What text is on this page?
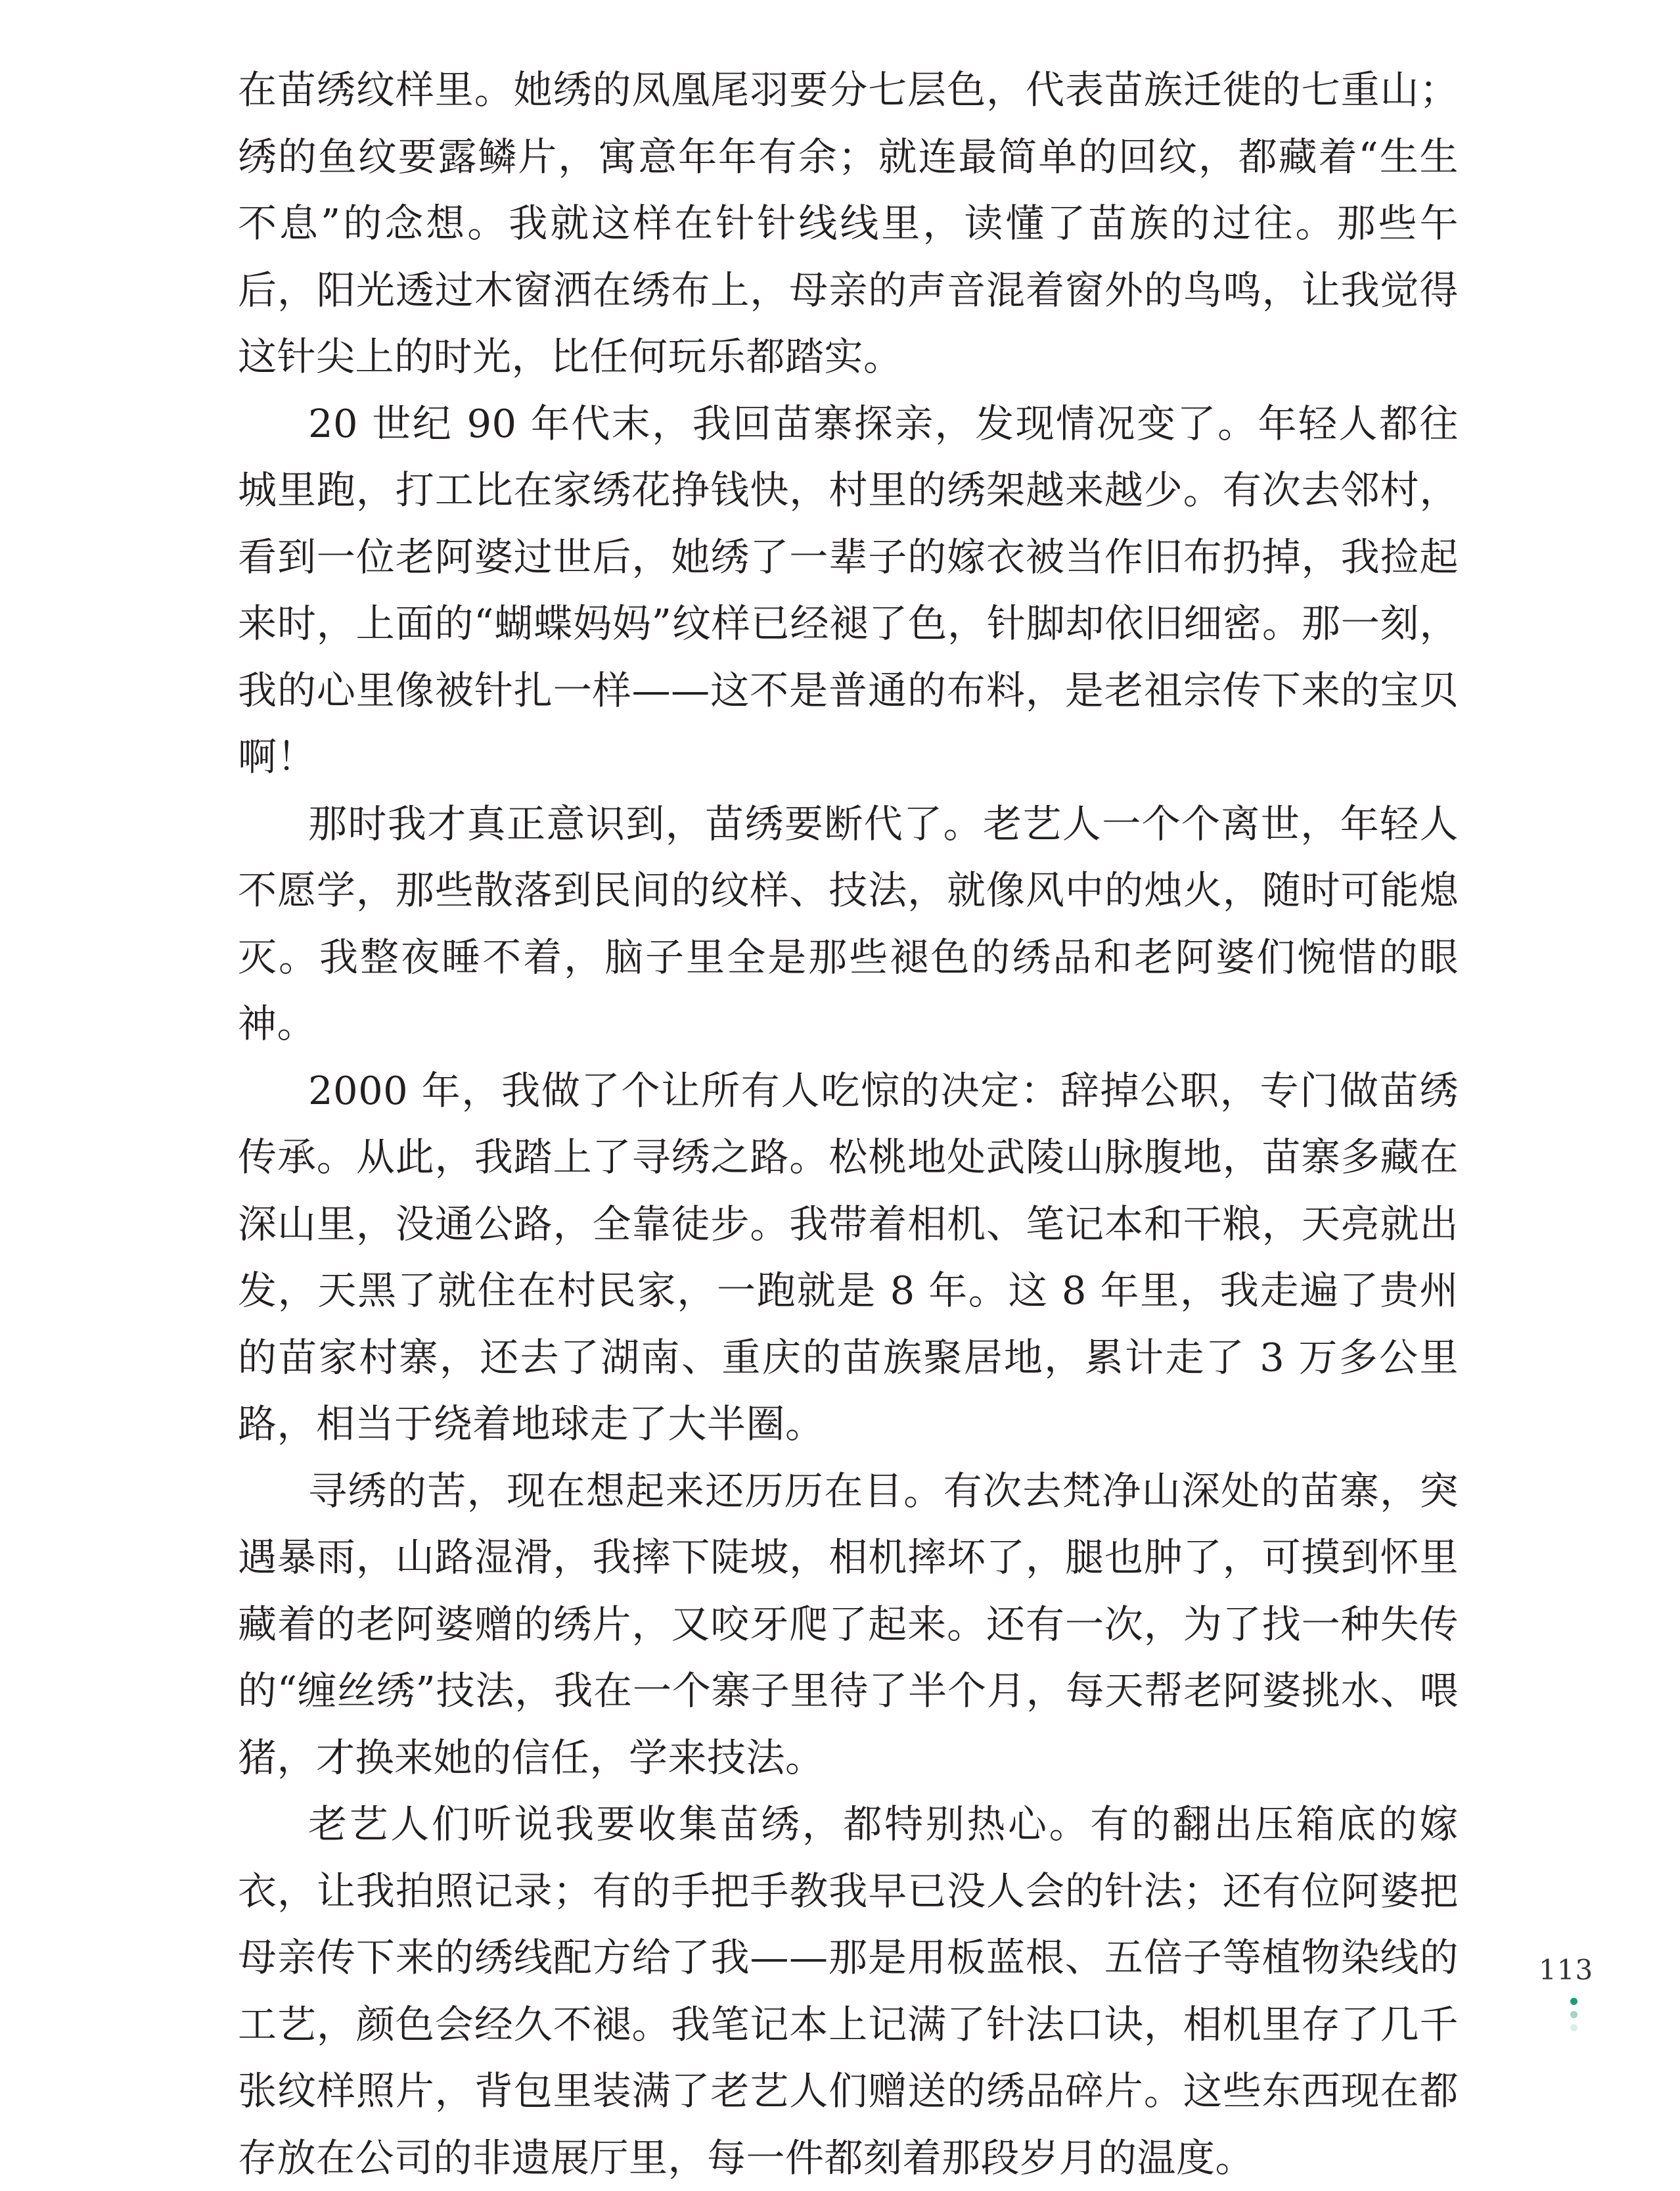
在苗绣纹样里。她绣的凤凰尾羽要分七层色，代表苗族迁徙的七重山；绣的鱼纹要露鳞片，寓意年年有余；就连最简单的回纹，都藏着“生生不息”的念想。我就这样在针针线线里，读懂了苗族的过往。那些午后，阳光透过木窗洒在绣布上，母亲的声音混着窗外的鸟鸣，让我觉得这针尖上的时光，比任何玩乐都踏实。

20 世纪 90 年代末，我回苗寨探亲，发现情况变了。年轻人都往城里跑，打工比在家绣花挣钱快，村里的绣架越来越少。有次去邻村，看到一位老阿婆过世后，她绣了一辈子的嫁衣被当作旧布扔掉，我捡起来时，上面的“蝴蝶妈妈”纹样已经褪了色，针脚却依旧细密。那一刻，我的心里像被针扎一样——这不是普通的布料，是老祖宗传下来的宝贝啊！

那时我才真正意识到，苗绣要断代了。老艺人一个个离世，年轻人不愿学，那些散落到民间的纹样、技法，就像风中的烛火，随时可能熄灭。我整夜睡不着，脑子里全是那些褪色的绣品和老阿婆们惋惜的眼神。

2000 年，我做了个让所有人吃惊的决定：辞掉公职，专门做苗绣传承。从此，我踏上了寻绣之路。松桃地处武陵山脉腹地，苗寨多藏在深山里，没通公路，全靠徒步。我带着相机、笔记本和干粮，天亮就出发，天黑了就住在村民家，一跑就是 8 年。这 8 年里，我走遍了贵州的苗家村寨，还去了湖南、重庆的苗族聚居地，累计走了 3 万多公里路，相当于绕着地球走了大半圈。

寻绣的苦，现在想起来还历历在目。有次去梵净山深处的苗寨，突遇暴雨，山路湿滑，我摔下陡坡，相机摔坏了，腿也肿了，可摸到怀里藏着的老阿婆赠的绣片，又咬牙爬了起来。还有一次，为了找一种失传的“缠丝绣”技法，我在一个寨子里待了半个月，每天帮老阿婆挑水、喂猪，才换来她的信任，学来技法。

老艺人们听说我要收集苗绣，都特别热心。有的翻出压箱底的嫁衣，让我拍照记录；有的手把手教我早已没人会的针法；还有位阿婆把母亲传下来的绣线配方给了我——那是用板蓝根、五倍子等植物染线的工艺，颜色会经久不褪。我笔记本上记满了针法口诀，相机里存了几千张纹样照片，背包里装满了老艺人们赠送的绣品碎片。这些东西现在都存放在公司的非遗展厅里，每一件都刻着那段岁月的温度。

113
